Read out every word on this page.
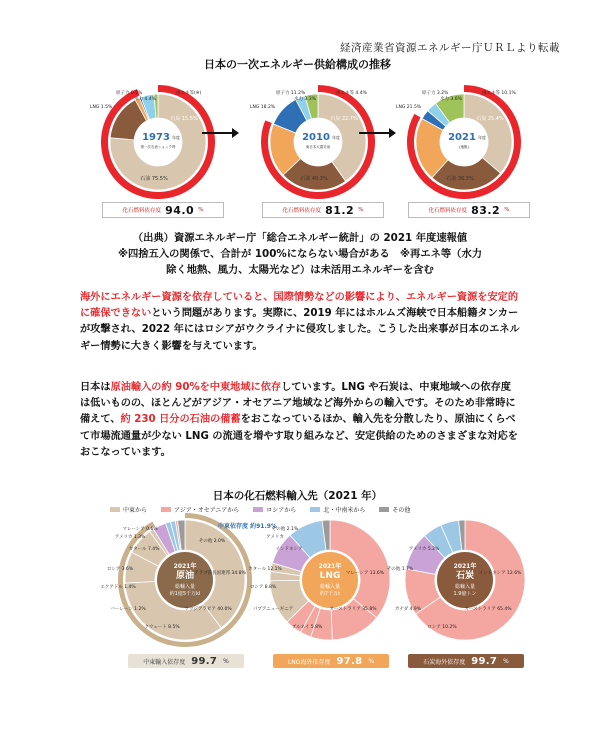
経済産業省資源エネルギー庁ＵＲＬより転載
日本の一次エネルギー供給構成の推移
1973 年度
第一次石油ショック時
再エネ等(※)
石炭 15.5%
石油 75.5%
原子力 0.6%
水力 4.4%
LNG 1.5%
化石燃料依存度 94.0 %
2010 年度
東日本大震災前
再エネ等 4.4%
石炭 22.7%
石油 40.3%
原子力 11.2%
水力 3.3%
LNG 18.2%
化石燃料依存度 81.2 %
2021 年度
(速報)
再エネ等 10.1%
石炭 25.4%
石油 36.3%
原子力 3.2%
水力 3.6%
LNG 21.5%
化石燃料依存度 83.2 %
（出典）資源エネルギー庁「総合エネルギー統計」の 2021 年度速報値
※四捨五入の関係で、合計が 100%にならない場合がある　※再エネ等（水力
除く地熱、風力、太陽光など）は未活用エネルギーを含む
海外にエネルギー資源を依存していると、国際情勢などの影響により、エネルギー資源を安定的に確保できないという問題があります。実際に、2019 年にはホルムズ海峡で日本船籍タンカーが攻撃され、2022 年にはロシアがウクライナに侵攻しました。こうした出来事が日本のエネルギー情勢に大きく影響を与えています。
日本は原油輸入の約 90%を中東地域に依存しています。LNG や石炭は、中東地域への依存度は低いものの、ほとんどがアジア・オセアニア地域など海外からの輸入です。そのため非常時に備えて、約 230 日分の石油の備蓄をおこなっているほか、輸入先を分散したり、原油にくらべて市場流通量が少ない LNG の流通を増やす取り組みなど、安定供給のためのさまざまな対応をおこなっています。
日本の化石燃料輸入先（2021 年）
中東から	アジア・オセアニアから	ロシアから	北・中南米から	その他
中東依存度 約91.9%
2021年
原油
総輸入量
約1億5千万kl
サウジアラビア 40.0%
アラブ首長国連邦 34.8%
クウェート 8.5%
カタール 7.4%
バーレーン 1.2%
ロシア 3.6%
エクアドル 1.4%
アメリカ 1.3%
マレーシア 0.6%
その他 2.0%
中東輸入依存度 99.7 %
2021年
LNG
総輸入量
約7千万t
オーストラリア 35.8%
マレーシア 13.6%
ブルネイ 5.8%
インドネシア
パプアニューギニア
カタール 12.1%
ロシア 8.8%
アメリカ
その他 2.1%
LNG海外依存度 97.8 %
2021年
石炭
総輸入量
1.9億トン
オーストラリア 65.4%
インドネシア 12.6%
ロシア 10.2%
アメリカ 5.2%
カナダ 4.9%
その他 1.7%
石炭海外依存度 99.7 %
